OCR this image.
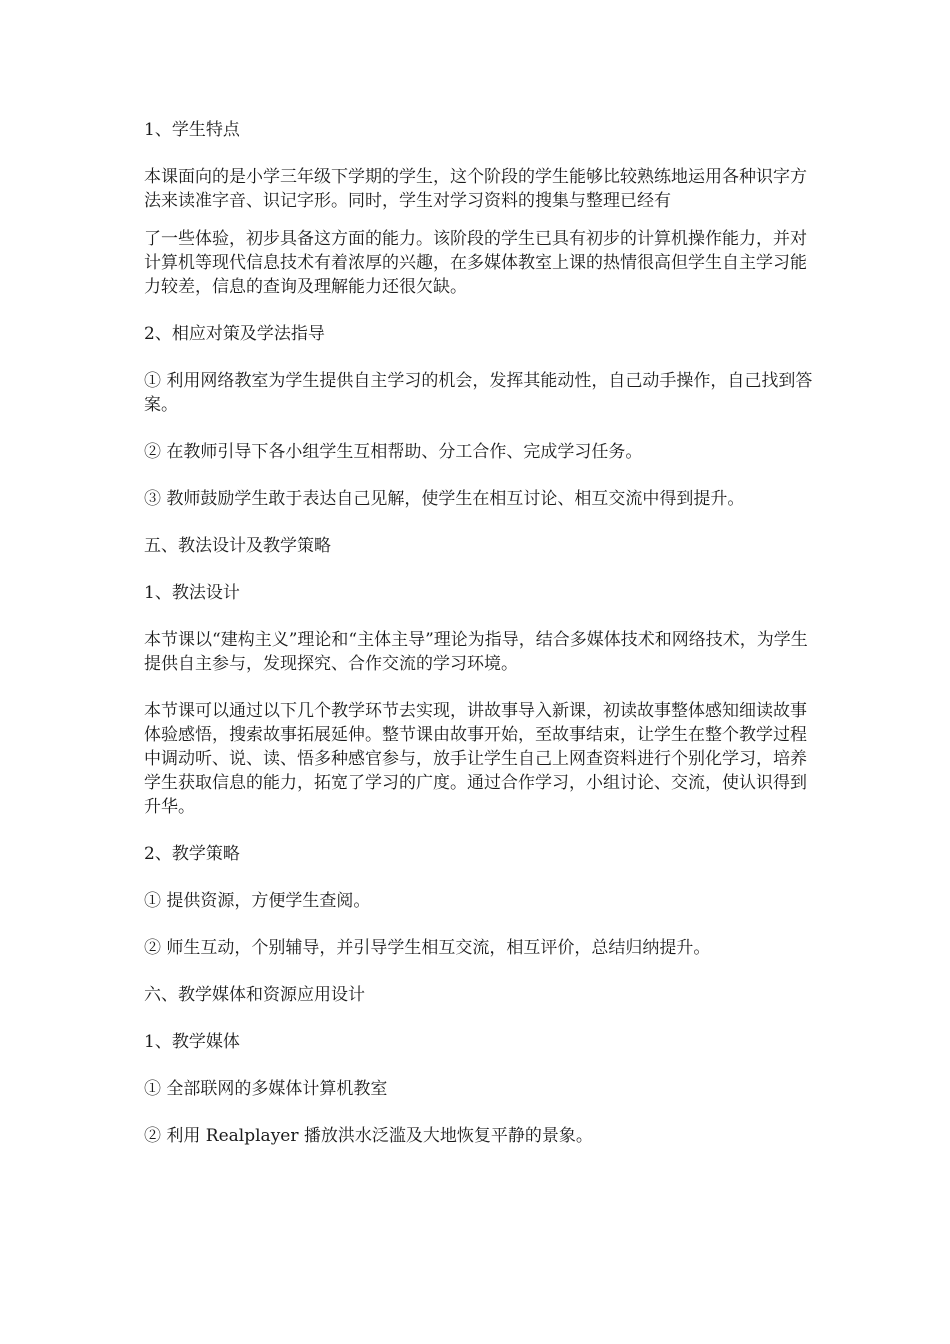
1、学生特点

本课面向的是小学三年级下学期的学生，这个阶段的学生能够比较熟练地运用各种识字方法来读准字音、识记字形。同时，学生对学习资料的搜集与整理已经有

了一些体验，初步具备这方面的能力。该阶段的学生已具有初步的计算机操作能力，并对计算机等现代信息技术有着浓厚的兴趣，在多媒体教室上课的热情很高但学生自主学习能力较差，信息的查询及理解能力还很欠缺。

2、相应对策及学法指导

① 利用网络教室为学生提供自主学习的机会，发挥其能动性，自己动手操作，自己找到答案。

② 在教师引导下各小组学生互相帮助、分工合作、完成学习任务。

③ 教师鼓励学生敢于表达自己见解，使学生在相互讨论、相互交流中得到提升。

五、教法设计及教学策略

1、教法设计

本节课以“建构主义”理论和“主体主导”理论为指导，结合多媒体技术和网络技术，为学生提供自主参与，发现探究、合作交流的学习环境。

本节课可以通过以下几个教学环节去实现，讲故事导入新课，初读故事整体感知细读故事体验感悟，搜索故事拓展延伸。整节课由故事开始，至故事结束，让学生在整个教学过程中调动听、说、读、悟多种感官参与，放手让学生自己上网查资料进行个别化学习，培养学生获取信息的能力，拓宽了学习的广度。通过合作学习，小组讨论、交流，使认识得到升华。

2、教学策略

① 提供资源，方便学生查阅。

② 师生互动，个别辅导，并引导学生相互交流，相互评价，总结归纳提升。

六、教学媒体和资源应用设计

1、教学媒体

① 全部联网的多媒体计算机教室

② 利用 Realplayer 播放洪水泛滥及大地恢复平静的景象。
